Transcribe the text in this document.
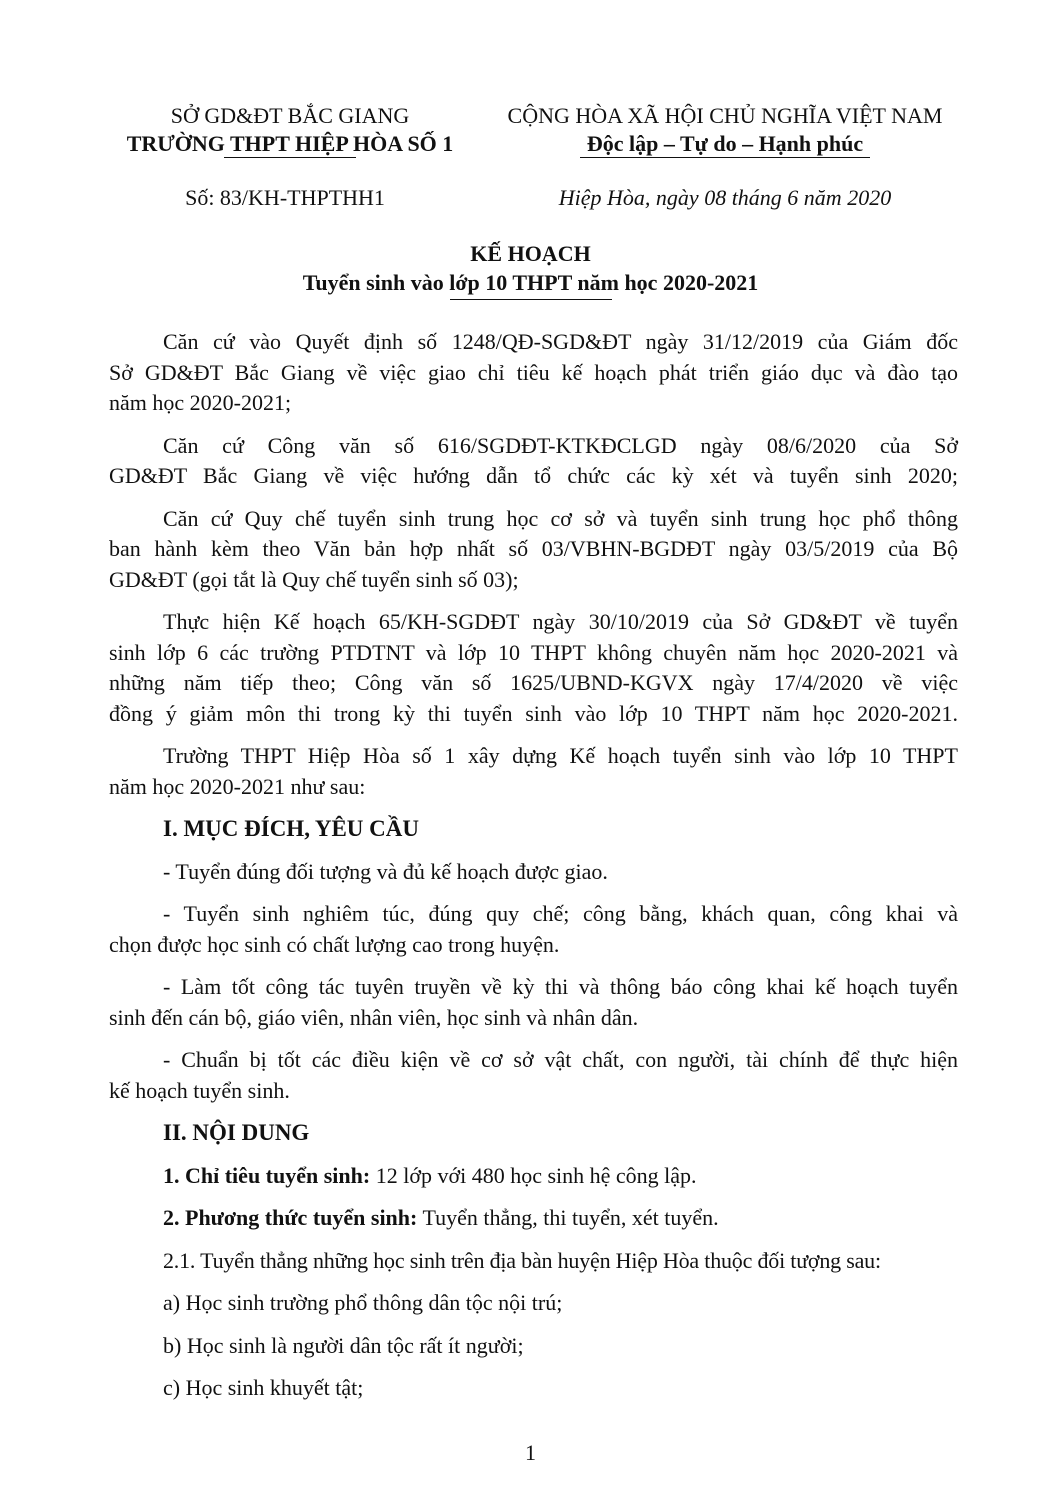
SỞ GD&ĐT BẮC GIANG
TRƯỜNG THPT HIỆP HÒA SỐ 1
CỘNG HÒA XÃ HỘI CHỦ NGHĨA VIỆT NAM
Độc lập – Tự do – Hạnh phúc
Số: 83/KH-THPTHH1	Hiệp Hòa, ngày 08 tháng 6 năm 2020
KẾ HOẠCH
Tuyển sinh vào lớp 10 THPT năm học 2020-2021
Căn cứ vào Quyết định số 1248/QĐ-SGD&ĐT ngày 31/12/2019 của Giám đốc
Sở GD&ĐT Bắc Giang về việc giao chỉ tiêu kế hoạch phát triển giáo dục và đào tạo
năm học 2020-2021;
Căn cứ Công văn số 616/SGDĐT-KTKĐCLGD ngày 08/6/2020 của Sở
GD&ĐT Bắc Giang về việc hướng dẫn tổ chức các kỳ xét và tuyển sinh 2020;
Căn cứ Quy chế tuyển sinh trung học cơ sở và tuyển sinh trung học phổ thông
ban hành kèm theo Văn bản hợp nhất số 03/VBHN-BGDĐT ngày 03/5/2019 của Bộ
GD&ĐT (gọi tắt là Quy chế tuyển sinh số 03);
Thực hiện Kế hoạch 65/KH-SGDĐT ngày 30/10/2019 của Sở GD&ĐT về tuyển
sinh lớp 6 các trường PTDTNT và lớp 10 THPT không chuyên năm học 2020-2021 và
những năm tiếp theo; Công văn số 1625/UBND-KGVX ngày 17/4/2020 về việc
đồng ý giảm môn thi trong kỳ thi tuyển sinh vào lớp 10 THPT năm học 2020-2021.
Trường THPT Hiệp Hòa số 1 xây dựng Kế hoạch tuyển sinh vào lớp 10 THPT
năm học 2020-2021 như sau:
I. MỤC ĐÍCH, YÊU CẦU
- Tuyển đúng đối tượng và đủ kế hoạch được giao.
- Tuyển sinh nghiêm túc, đúng quy chế; công bằng, khách quan, công khai và
chọn được học sinh có chất lượng cao trong huyện.
- Làm tốt công tác tuyên truyền về kỳ thi và thông báo công khai kế hoạch tuyển
sinh đến cán bộ, giáo viên, nhân viên, học sinh và nhân dân.
- Chuẩn bị tốt các điều kiện về cơ sở vật chất, con người, tài chính để thực hiện
kế hoạch tuyển sinh.
II. NỘI DUNG
1. Chỉ tiêu tuyển sinh: 12 lớp với 480 học sinh hệ công lập.
2. Phương thức tuyển sinh: Tuyển thẳng, thi tuyển, xét tuyển.
2.1. Tuyển thẳng những học sinh trên địa bàn huyện Hiệp Hòa thuộc đối tượng sau:
a) Học sinh trường phổ thông dân tộc nội trú;
b) Học sinh là người dân tộc rất ít người;
c) Học sinh khuyết tật;
1
